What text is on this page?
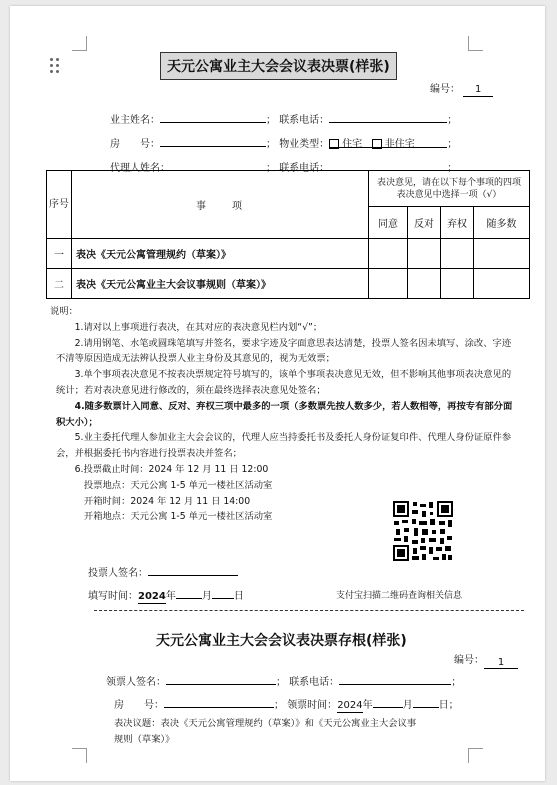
天元公寓业主大会会议表决票(样张)
编号： 1
业主姓名：	； 联系电话：	；
房　　号：	； 物业类型： 住宅 非住宅	；
代理人姓名：	； 联系电话：	；
序号	事　　项	表决意见，请在以下每个事项的四项表决意见中选择一项（√）			
		同意	反对	弃权	随多数
一	表决《天元公寓管理规约（草案）》				
二	表决《天元公寓业主大会议事规则（草案）》				

说明：

1.请对以上事项进行表决，在其对应的表决意见栏内划“√”；

2.请用钢笔、水笔或圆珠笔填写并签名，要求字迹及字面意思表达清楚，投票人签名因未填写、涂改、字迹不清等原因造成无法辨认投票人业主身份及其意见的，视为无效票；

3.单个事项表决意见不按表决票规定符号填写的，该单个事项表决意见无效，但不影响其他事项表决意见的统计；若对表决意见进行修改的，须在最终选择表决意见处签名；

4.随多数票计入同意、反对、弃权三项中最多的一项（多数票先按人数多少，若人数相等，再按专有部分面积大小）；

5.业主委托代理人参加业主大会会议的，代理人应当持委托书及委托人身份证复印件、代理人身份证原件参会，并根据委托书内容进行投票表决并签名；

6.投票截止时间：2024 年 12 月 11 日 12:00

投票地点：天元公寓 1-5 单元一楼社区活动室

开箱时间：2024 年 12 月 11 日 14:00

开箱地点：天元公寓 1-5 单元一楼社区活动室

投票人签名：
填写时间：2024年	月 日	支付宝扫描二维码查询相关信息
天元公寓业主大会会议表决票存根(样张)
编号：	1
领票人签名：	； 联系电话：	；
房　　号：	； 领票时间：2024年	月	日；
表决议题：表决《天元公寓管理规约（草案）》和《天元公寓业主大会议事
规则（草案）》
